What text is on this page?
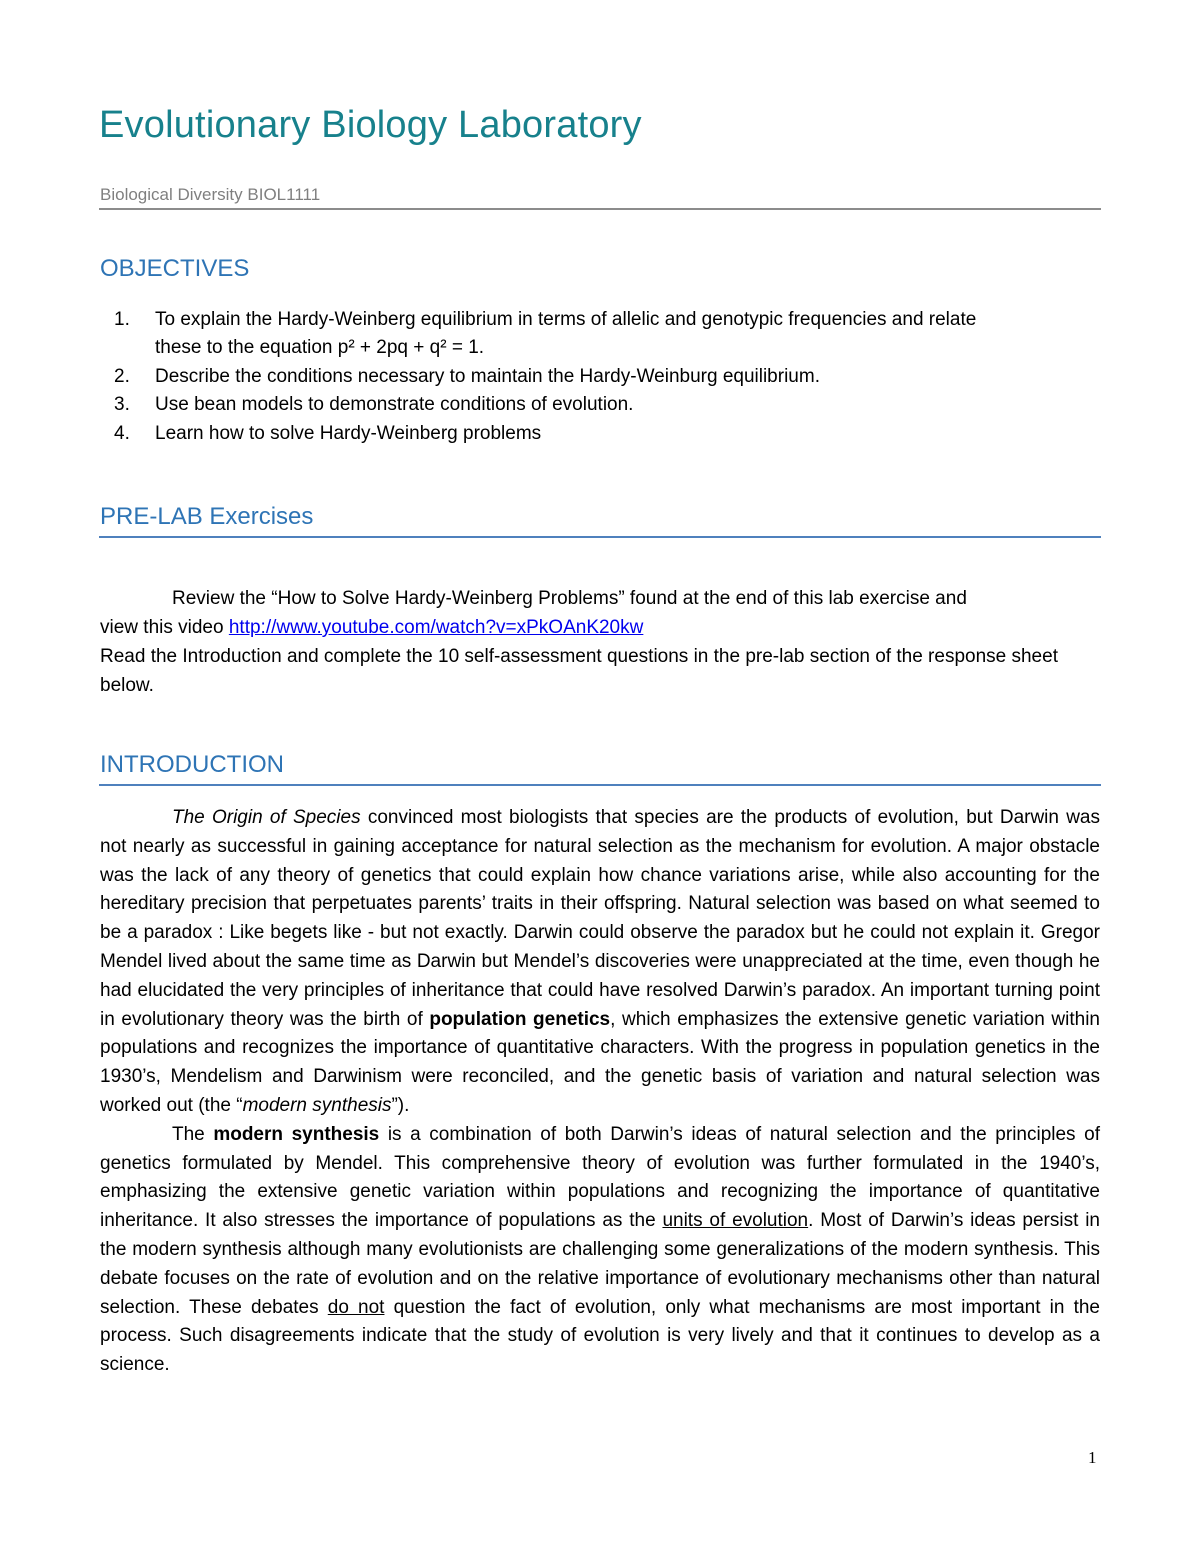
Evolutionary Biology Laboratory
Biological Diversity BIOL1111
OBJECTIVES
1. To explain the Hardy-Weinberg equilibrium in terms of allelic and genotypic frequencies and relate
these to the equation p² + 2pq + q² = 1.
2. Describe the conditions necessary to maintain the Hardy-Weinburg equilibrium.
3. Use bean models to demonstrate conditions of evolution.
4. Learn how to solve Hardy-Weinberg problems
PRE-LAB Exercises

Review the “How to Solve Hardy-Weinberg Problems” found at the end of this lab exercise and

view this video http://www.youtube.com/watch?v=xPkOAnK20kw

Read the Introduction and complete the 10 self-assessment questions in the pre-lab section of the response sheet below.

INTRODUCTION

The Origin of Species convinced most biologists that species are the products of evolution, but Darwin was not nearly as successful in gaining acceptance for natural selection as the mechanism for evolution. A major obstacle was the lack of any theory of genetics that could explain how chance variations arise, while also accounting for the hereditary precision that perpetuates parents’ traits in their offspring. Natural selection was based on what seemed to be a paradox : Like begets like - but not exactly. Darwin could observe the paradox but he could not explain it. Gregor Mendel lived about the same time as Darwin but Mendel’s discoveries were unappreciated at the time, even though he had elucidated the very principles of inheritance that could have resolved Darwin’s paradox. An important turning point in evolutionary theory was the birth of population genetics, which emphasizes the extensive genetic variation within populations and recognizes the importance of quantitative characters. With the progress in population genetics in the 1930’s, Mendelism and Darwinism were reconciled, and the genetic basis of variation and natural selection was worked out (the “modern synthesis”).

The modern synthesis is a combination of both Darwin’s ideas of natural selection and the principles of genetics formulated by Mendel. This comprehensive theory of evolution was further formulated in the 1940’s, emphasizing the extensive genetic variation within populations and recognizing the importance of quantitative inheritance. It also stresses the importance of populations as the units of evolution. Most of Darwin’s ideas persist in the modern synthesis although many evolutionists are challenging some generalizations of the modern synthesis. This debate focuses on the rate of evolution and on the relative importance of evolutionary mechanisms other than natural selection. These debates do not question the fact of evolution, only what mechanisms are most important in the process. Such disagreements indicate that the study of evolution is very lively and that it continues to develop as a science.

1
